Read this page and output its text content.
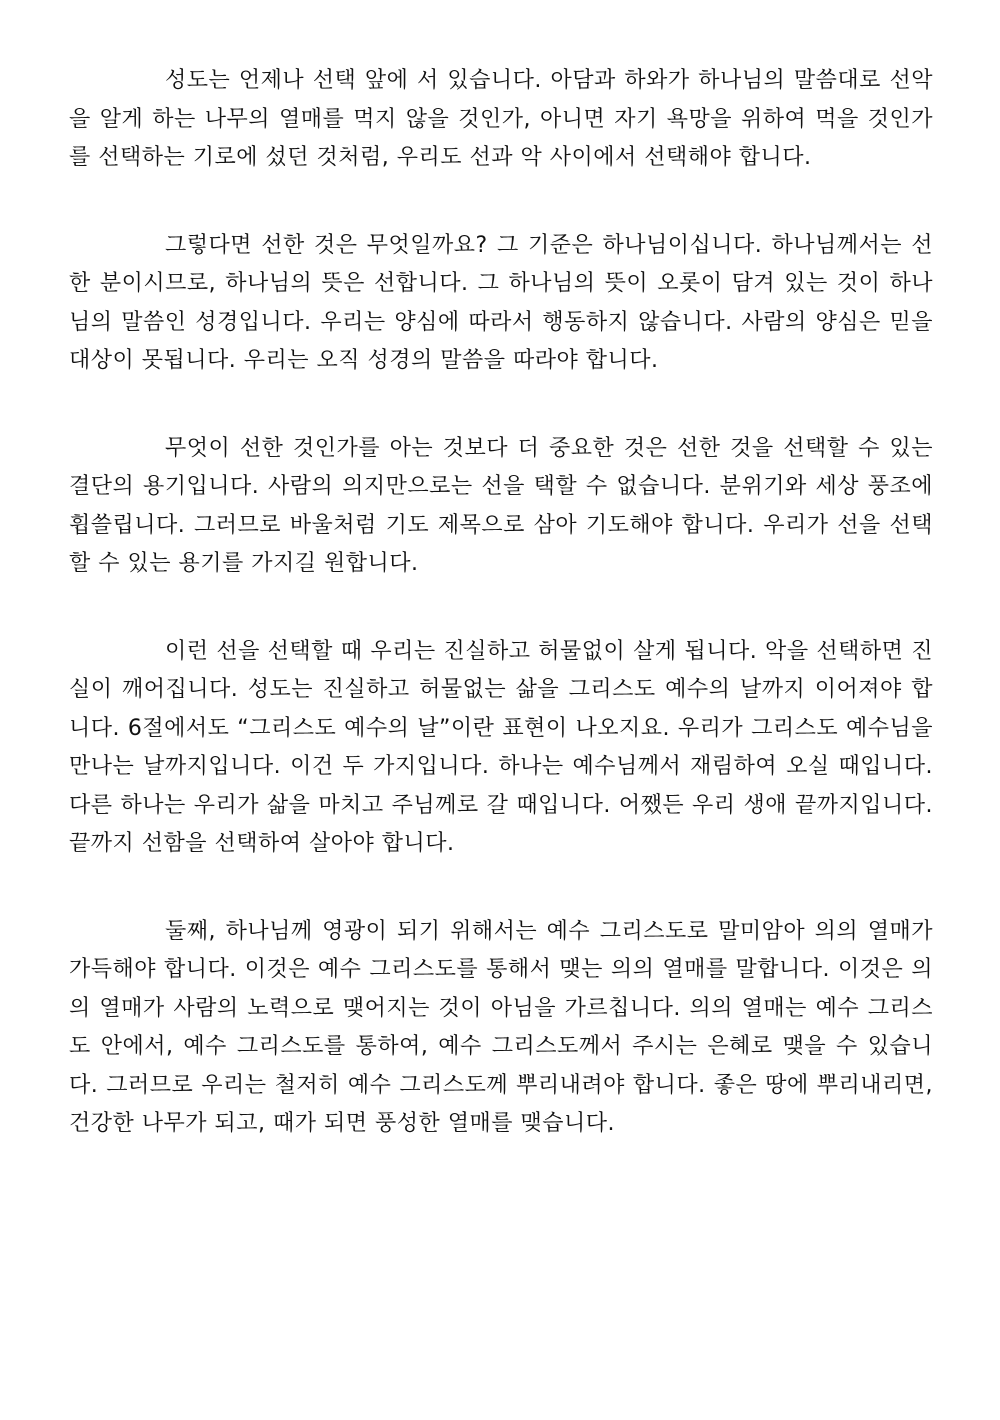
성도는 언제나 선택 앞에 서 있습니다. 아담과 하와가 하나님의 말씀대로 선악을 알게 하는 나무의 열매를 먹지 않을 것인가, 아니면 자기 욕망을 위하여 먹을 것인가를 선택하는 기로에 섰던 것처럼, 우리도 선과 악 사이에서 선택해야 합니다.

그렇다면 선한 것은 무엇일까요? 그 기준은 하나님이십니다. 하나님께서는 선한 분이시므로, 하나님의 뜻은 선합니다. 그 하나님의 뜻이 오롯이 담겨 있는 것이 하나님의 말씀인 성경입니다. 우리는 양심에 따라서 행동하지 않습니다. 사람의 양심은 믿을 대상이 못됩니다. 우리는 오직 성경의 말씀을 따라야 합니다.

무엇이 선한 것인가를 아는 것보다 더 중요한 것은 선한 것을 선택할 수 있는 결단의 용기입니다. 사람의 의지만으로는 선을 택할 수 없습니다. 분위기와 세상 풍조에 휩쓸립니다. 그러므로 바울처럼 기도 제목으로 삼아 기도해야 합니다. 우리가 선을 선택할 수 있는 용기를 가지길 원합니다.

이런 선을 선택할 때 우리는 진실하고 허물없이 살게 됩니다. 악을 선택하면 진실이 깨어집니다. 성도는 진실하고 허물없는 삶을 그리스도 예수의 날까지 이어져야 합니다. 6절에서도 “그리스도 예수의 날”이란 표현이 나오지요. 우리가 그리스도 예수님을 만나는 날까지입니다. 이건 두 가지입니다. 하나는 예수님께서 재림하여 오실 때입니다. 다른 하나는 우리가 삶을 마치고 주님께로 갈 때입니다. 어쨌든 우리 생애 끝까지입니다. 끝까지 선함을 선택하여 살아야 합니다.

둘째, 하나님께 영광이 되기 위해서는 예수 그리스도로 말미암아 의의 열매가 가득해야 합니다. 이것은 예수 그리스도를 통해서 맺는 의의 열매를 말합니다. 이것은 의의 열매가 사람의 노력으로 맺어지는 것이 아님을 가르칩니다. 의의 열매는 예수 그리스도 안에서, 예수 그리스도를 통하여, 예수 그리스도께서 주시는 은혜로 맺을 수 있습니다. 그러므로 우리는 철저히 예수 그리스도께 뿌리내려야 합니다. 좋은 땅에 뿌리내리면, 건강한 나무가 되고, 때가 되면 풍성한 열매를 맺습니다.
